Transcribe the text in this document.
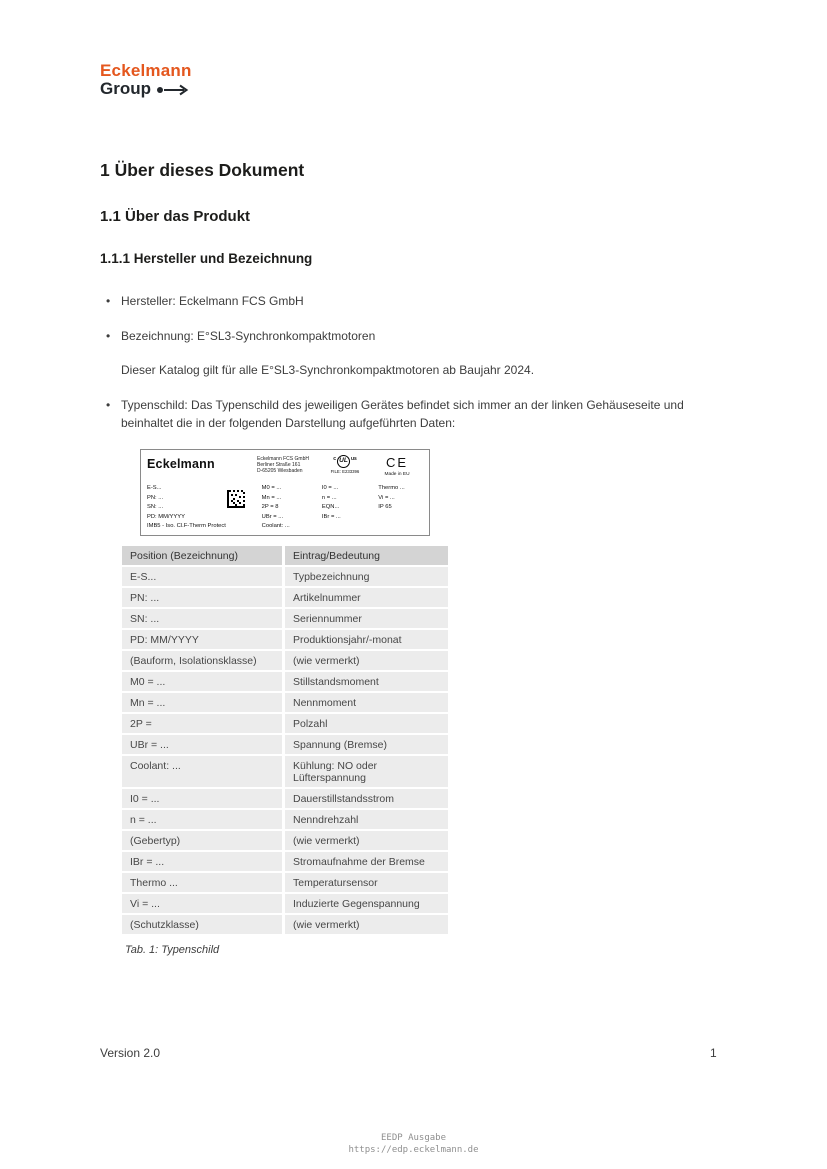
Eckelmann
Group
1 Über dieses Dokument
1.1 Über das Produkt
1.1.1 Hersteller und Bezeichnung
• Hersteller: Eckelmann FCS GmbH
• Bezeichnung: E°SL3-Synchronkompaktmotoren

Dieser Katalog gilt für alle E°SL3-Synchronkompaktmotoren ab Baujahr 2024.

• Typenschild: Das Typenschild des jeweiligen Gerätes befindet sich immer an der linken Gehäuseseite und beinhaltet die in der folgenden Darstellung aufgeführten Daten:
Eckelmann	Eckelmann FCS GmbH
Berliner Straße 161
D-65205 Wiesbaden
c UL us
FILE: E233396
CE
Made in EU
E-S...
PN: ...
SN: ...
PD: MM/YYYY
IMB5 - Iso. Cl.F-Therm Protect
M0 = ...
Mn = ...
2P = 8
UBr = ...
Coolant: ...
I0 = ...
n = ...
EQN...
IBr = ...
Thermo ...
Vi = ...
IP 65
Position (Bezeichnung)	Eintrag/Bedeutung
E-S...	Typbezeichnung
PN: ...	Artikelnummer
SN: ...	Seriennummer
PD: MM/YYYY	Produktionsjahr/-monat
(Bauform, Isolationsklasse)	(wie vermerkt)
M0 = ...	Stillstandsmoment
Mn = ...	Nennmoment
2P =	Polzahl
UBr = ...	Spannung (Bremse)
Coolant: ...	Kühlung: NO oder Lüfterspannung
I0 = ...	Dauerstillstandsstrom
n = ...	Nenndrehzahl
(Gebertyp)	(wie vermerkt)
IBr = ...	Stromaufnahme der Bremse
Thermo ...	Temperatursensor
Vi = ...	Induzierte Gegenspannung
(Schutzklasse)	(wie vermerkt)

Tab. 1: Typenschild

Version 2.0	1
EEDP Ausgabe
https://edp.eckelmann.de
